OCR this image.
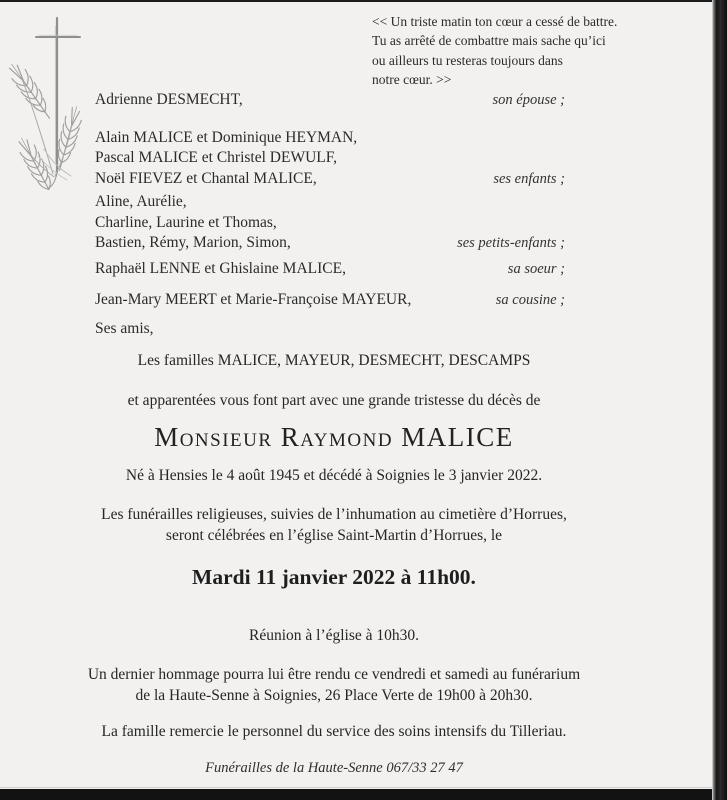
<< Un triste matin ton cœur a cessé de battre.
Tu as arrêté de combattre mais sache qu’ici
ou ailleurs tu resteras toujours dans
notre cœur. >>
Adrienne DESMECHT,	son épouse ;
Alain MALICE et Dominique HEYMAN,
Pascal MALICE et Christel DEWULF,
Noël FIEVEZ et Chantal MALICE,	ses enfants ;
Aline, Aurélie,
Charline, Laurine et Thomas,
Bastien, Rémy, Marion, Simon,	ses petits-enfants ;
Raphaël LENNE et Ghislaine MALICE,	sa soeur ;
Jean-Mary MEERT et Marie-Françoise MAYEUR,	sa cousine ;
Ses amis,
Les familles MALICE, MAYEUR, DESMECHT, DESCAMPS
et apparentées vous font part avec une grande tristesse du décès de
Monsieur Raymond MALICE
Né à Hensies le 4 août 1945 et décédé à Soignies le 3 janvier 2022.
Les funérailles religieuses, suivies de l’inhumation au cimetière d’Horrues,
seront célébrées en l’église Saint-Martin d’Horrues, le
Mardi 11 janvier 2022 à 11h00.
Réunion à l’église à 10h30.
Un dernier hommage pourra lui être rendu ce vendredi et samedi au funérarium
de la Haute-Senne à Soignies, 26 Place Verte de 19h00 à 20h30.
La famille remercie le personnel du service des soins intensifs du Tilleriau.
Funérailles de la Haute-Senne 067/33 27 47
